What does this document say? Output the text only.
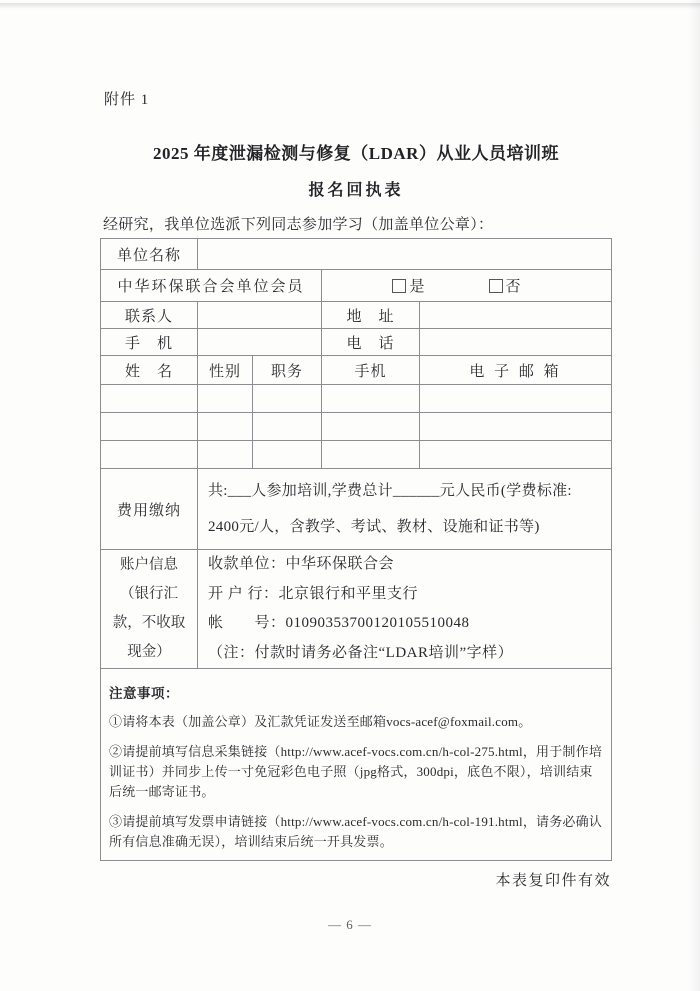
附件 1
2025 年度泄漏检测与修复（LDAR）从业人员培训班
报名回执表
经研究，我单位选派下列同志参加学习（加盖单位公章）：
单位名称				
中华环保联合会单位会员			是 否	

联系人			地　址	
手　机			电　话	
姓　名	性别	职务	手机	电 子 邮 箱

费用缴纳	共:___人参加培训,学费总计______元人民币(学费标准:
2400元/人，含教学、考试、教材、设施和证书等)			

账户信息
（银行汇
款，不收取
现金）

收款单位：中华环保联合会
开 户 行：北京银行和平里支行
帐　　号：01090353700120105510048
（注：付款时请务必备注“LDAR培训”字样）

注意事项：

①请将本表（加盖公章）及汇款凭证发送至邮箱vocs-acef@foxmail.com。

②请提前填写信息采集链接（http://www.acef-vocs.com.cn/h-col-275.html，用于制作培训证书）并同步上传一寸免冠彩色电子照（jpg格式，300dpi，底色不限），培训结束后统一邮寄证书。

③请提前填写发票申请链接（http://www.acef-vocs.com.cn/h-col-191.html，请务必确认所有信息准确无误），培训结束后统一开具发票。				

本表复印件有效
— 6 —
